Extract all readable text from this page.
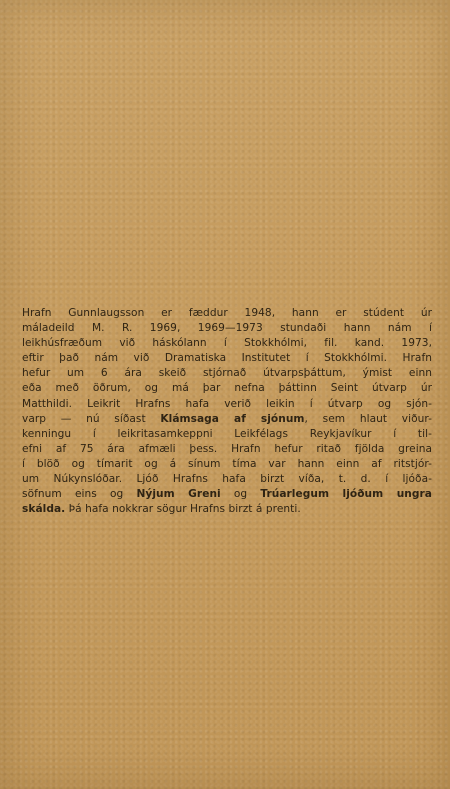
Hrafn Gunnlaugsson er fæddur 1948, hann er stúdent úr
máladeild M. R. 1969, 1969—1973 stundaði hann nám í
leikhúsfræðum við háskólann í Stokkhólmi, fil. kand. 1973,
eftir það nám við Dramatiska Institutet í Stokkhólmi. Hrafn
hefur um 6 ára skeið stjórnað útvarpsþáttum, ýmist einn
eða með öðrum, og má þar nefna þáttinn Seint útvarp úr
Matthildi. Leikrit Hrafns hafa verið leikin í útvarp og sjón-
varp — nú síðast Klámsaga af sjónum, sem hlaut viður-
kenningu í leikritasamkeppni Leikfélags Reykjavíkur í til-
efni af 75 ára afmæli þess. Hrafn hefur ritað fjölda greina
í blöð og tímarit og á sínum tíma var hann einn af ritstjór-
um Núkynslóðar. Ljóð Hrafns hafa birzt víða, t. d. í ljóða-
söfnum eins og Nýjum Greni og Trúarlegum ljóðum ungra
skálda. Þá hafa nokkrar sögur Hrafns birzt á prenti.
